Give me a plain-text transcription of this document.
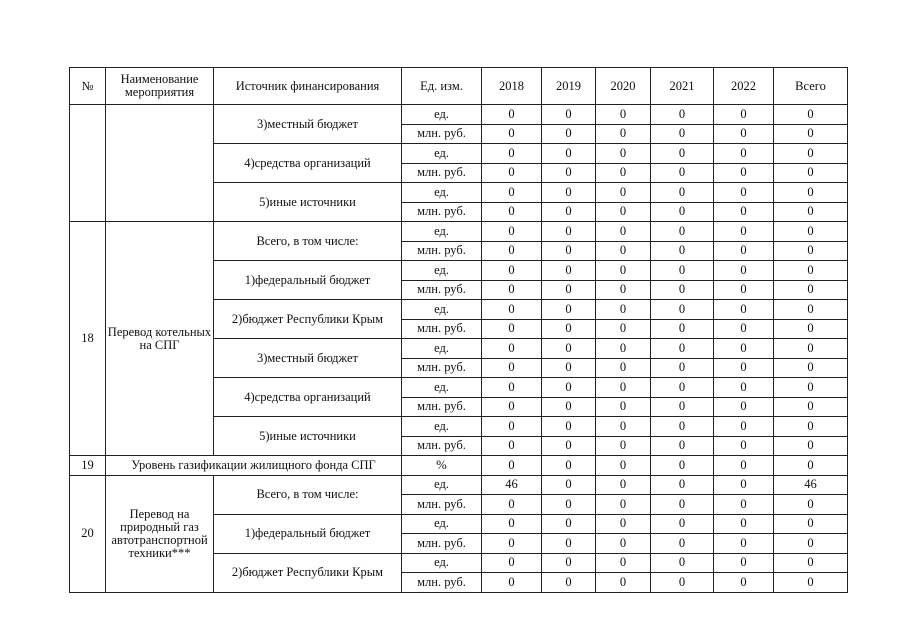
№	Наименование мероприятия	Источник финансирования	Ед. изм.	2018	2019	2020	2021	2022	Всего
		3)местный бюджет	ед.	0	0	0	0	0	0
			млн. руб.	0	0	0	0	0	0
		4)средства организаций	ед.	0	0	0	0	0	0
			млн. руб.	0	0	0	0	0	0
		5)иные источники	ед.	0	0	0	0	0	0
			млн. руб.	0	0	0	0	0	0
18	Перевод котельных на СПГ	Всего, в том числе:	ед.	0	0	0	0	0	0
			млн. руб.	0	0	0	0	0	0
		1)федеральный бюджет	ед.	0	0	0	0	0	0
			млн. руб.	0	0	0	0	0	0
		2)бюджет Республики Крым	ед.	0	0	0	0	0	0
			млн. руб.	0	0	0	0	0	0
		3)местный бюджет	ед.	0	0	0	0	0	0
			млн. руб.	0	0	0	0	0	0
		4)средства организаций	ед.	0	0	0	0	0	0
			млн. руб.	0	0	0	0	0	0
		5)иные источники	ед.	0	0	0	0	0	0
			млн. руб.	0	0	0	0	0	0
19	Уровень газификации жилищного фонда СПГ		%	0	0	0	0	0	0
20	Перевод на природный газ автотранспортной техники***	Всего, в том числе:	ед.	46	0	0	0	0	46
			млн. руб.	0	0	0	0	0	0
		1)федеральный бюджет	ед.	0	0	0	0	0	0
			млн. руб.	0	0	0	0	0	0
		2)бюджет Республики Крым	ед.	0	0	0	0	0	0
			млн. руб.	0	0	0	0	0	0
